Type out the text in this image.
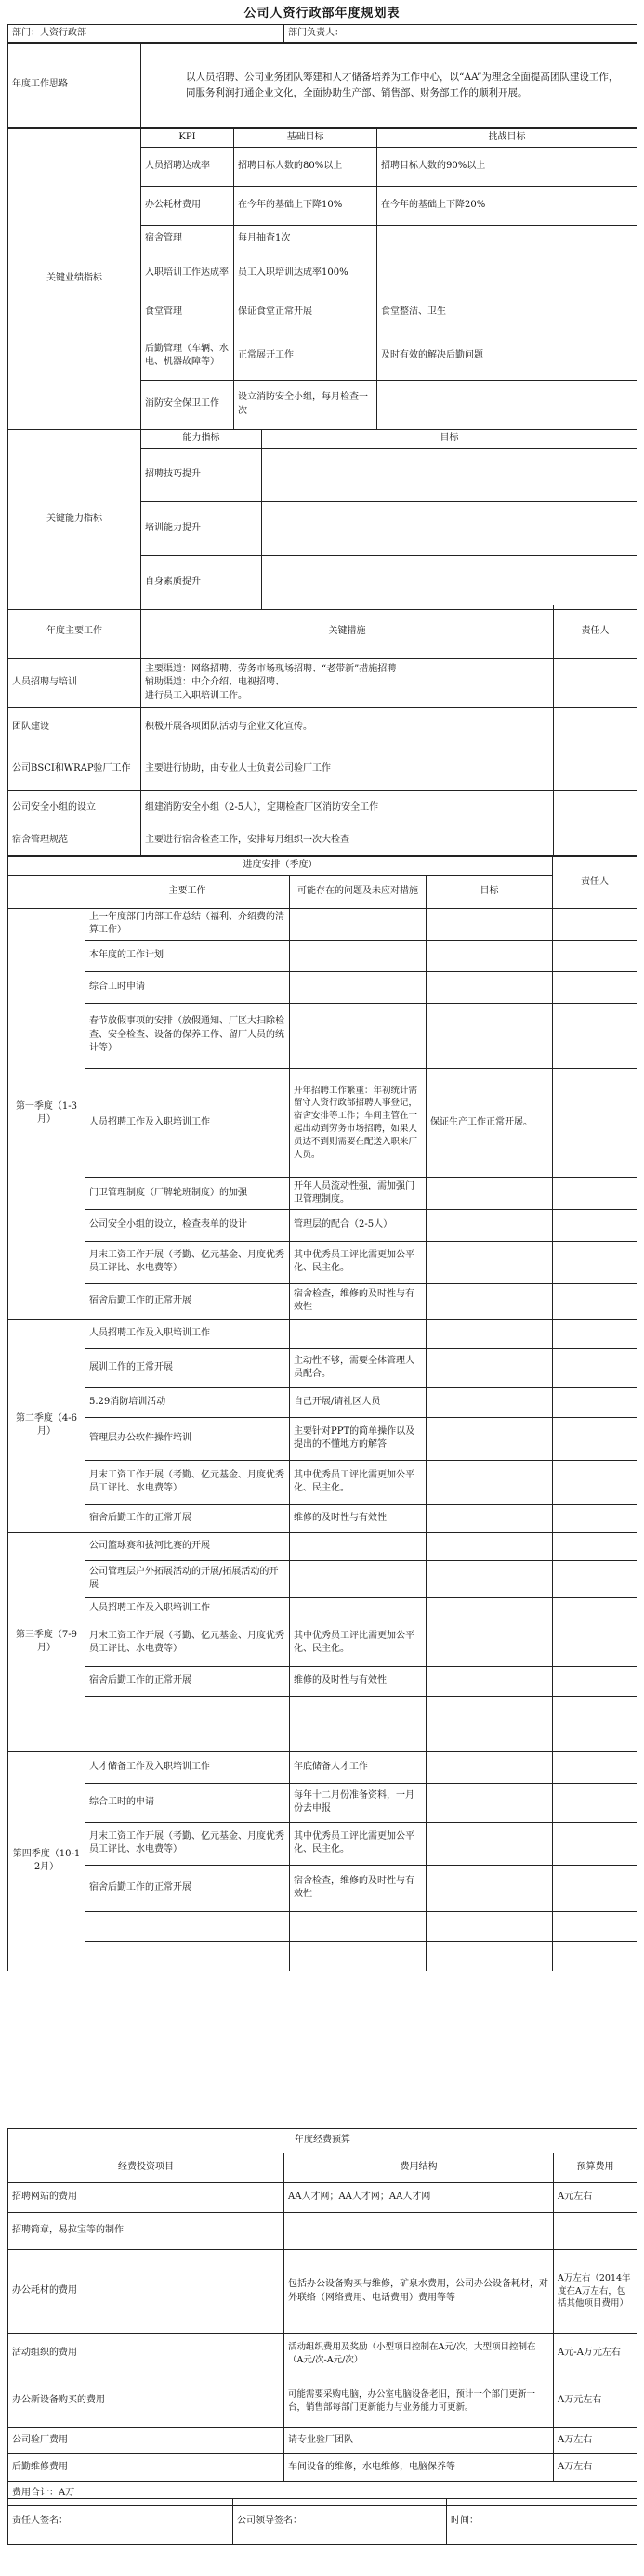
公司人资行政部年度规划表
部门：人资行政部	部门负责人：
年度工作思路	以人员招聘、公司业务团队筹建和人才储备培养为工作中心，以“AA”为理念全面提高团队建设工作，同服务利润打通企业文化，全面协助生产部、销售部、财务部工作的顺利开展。
关键业绩指标	KPI	基础目标	挑战目标
	人员招聘达成率	招聘目标人数的80%以上	招聘目标人数的90%以上
	办公耗材费用	在今年的基础上下降10%	在今年的基础上下降20%
	宿舍管理	每月抽查1次	
	入职培训工作达成率	员工入职培训达成率100%	
	食堂管理	保证食堂正常开展	食堂整洁、卫生
	后勤管理（车辆、水电、机器故障等）	正常展开工作	及时有效的解决后勤问题
	消防安全保卫工作	设立消防安全小组，每月检查一次	
关键能力指标	能力指标	目标
	招聘技巧提升	
	培训能力提升	
	自身素质提升	
年度主要工作	关键措施	责任人
人员招聘与培训	主要渠道：网络招聘、劳务市场现场招聘、“老带新”措施招聘
辅助渠道：中介介绍、电视招聘、
进行员工入职培训工作。	
团队建设	积极开展各项团队活动与企业文化宣传。	
公司BSCI和WRAP验厂工作	主要进行协助，由专业人士负责公司验厂工作	
公司安全小组的设立	组建消防安全小组（2-5人），定期检查厂区消防安全工作	
宿舍管理规范	主要进行宿舍检查工作，安排每月组织一次大检查	
进度安排（季度）				责任人
	主要工作	可能存在的问题及未应对措施	目标	
第一季度（1-3月）	上一年度部门内部工作总结（福利、介绍费的清算工作）			
	本年度的工作计划			
	综合工时申请			
	春节放假事项的安排（放假通知、厂区大扫除检查、安全检查、设备的保养工作、留厂人员的统计等）			
	人员招聘工作及入职培训工作	开年招聘工作繁重：年初统计需留守人资行政部招聘人事登记，宿舍安排等工作；车间主管在一起出动到劳务市场招聘，如果人员达不到则需要在配送入职来厂人员。	保证生产工作正常开展。	
	门卫管理制度（厂牌轮班制度）的加强	开年人员流动性强，需加强门卫管理制度。		
	公司安全小组的设立，检查表单的设计	管理层的配合（2-5人）		
	月末工资工作开展（考勤、亿元基金、月度优秀员工评比、水电费等）	其中优秀员工评比需更加公平化、民主化。		
	宿舍后勤工作的正常开展	宿舍检查，维修的及时性与有效性		
第二季度（4-6月）	人员招聘工作及入职培训工作			
	展训工作的正常开展	主动性不够，需要全体管理人员配合。		
	5.29消防培训活动	自己开展/请社区人员		
	管理层办公软件操作培训	主要针对PPT的简单操作以及提出的不懂地方的解答		
	月末工资工作开展（考勤、亿元基金、月度优秀员工评比、水电费等）	其中优秀员工评比需更加公平化、民主化。		
	宿舍后勤工作的正常开展	维修的及时性与有效性		
第三季度（7-9月）	公司篮球赛和拔河比赛的开展			
	公司管理层户外拓展活动的开展/拓展活动的开展			
	人员招聘工作及入职培训工作			
	月末工资工作开展（考勤、亿元基金、月度优秀员工评比、水电费等）	其中优秀员工评比需更加公平化、民主化。		
	宿舍后勤工作的正常开展	维修的及时性与有效性		

第四季度（10-12月）	人才储备工作及入职培训工作	年底储备人才工作		
	综合工时的申请	每年十二月份准备资料，一月份去申报		
	月末工资工作开展（考勤、亿元基金、月度优秀员工评比、水电费等）	其中优秀员工评比需更加公平化、民主化。		
	宿舍后勤工作的正常开展	宿舍检查，维修的及时性与有效性		

年度经费预算		
经费投资项目	费用结构	预算费用
招聘网站的费用	AA人才网；AA人才网；AA人才网	A元左右
招聘简章，易拉宝等的制作		
办公耗材的费用	包括办公设备购买与维修，矿泉水费用，公司办公设备耗材，对外联络（网络费用、电话费用）费用等等	A万左右（2014年度在A万左右，包括其他项目费用）
活动组织的费用	活动组织费用及奖励（小型项目控制在A元/次，大型项目控制在（A元/次-A元/次）	A元-A万元左右
办公新设备购买的费用	可能需要采购电脑，办公室电脑设备老旧，预计一个部门更新一台，销售部每部门更新能力与业务能力可更新。	A万元左右
公司验厂费用	请专业验厂团队	A万左右
后勤维修费用	车间设备的维修，水电维修，电脑保养等	A万左右
费用合计：A万		
责任人签名：	公司领导签名：	时间：
